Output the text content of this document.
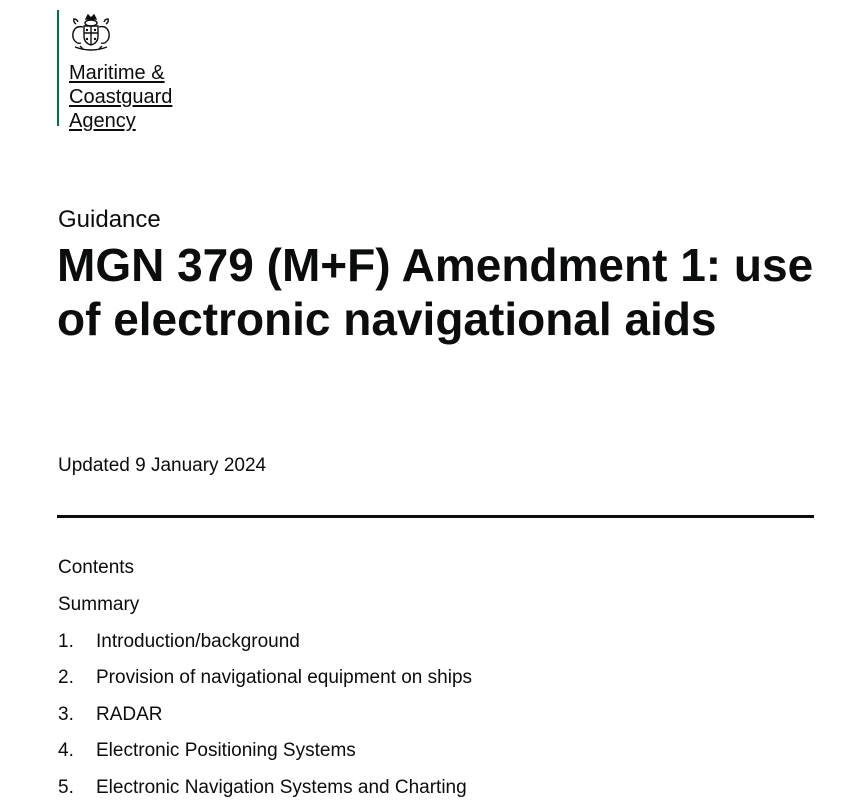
Maritime &
Coastguard
Agency

Guidance

MGN 379 (M+F) Amendment 1: use of electronic navigational aids

Updated 9 January 2024

Contents
Summary
1.	Introduction/background
2.	Provision of navigational equipment on ships
3.	RADAR
4.	Electronic Positioning Systems
5.	Electronic Navigation Systems and Charting
